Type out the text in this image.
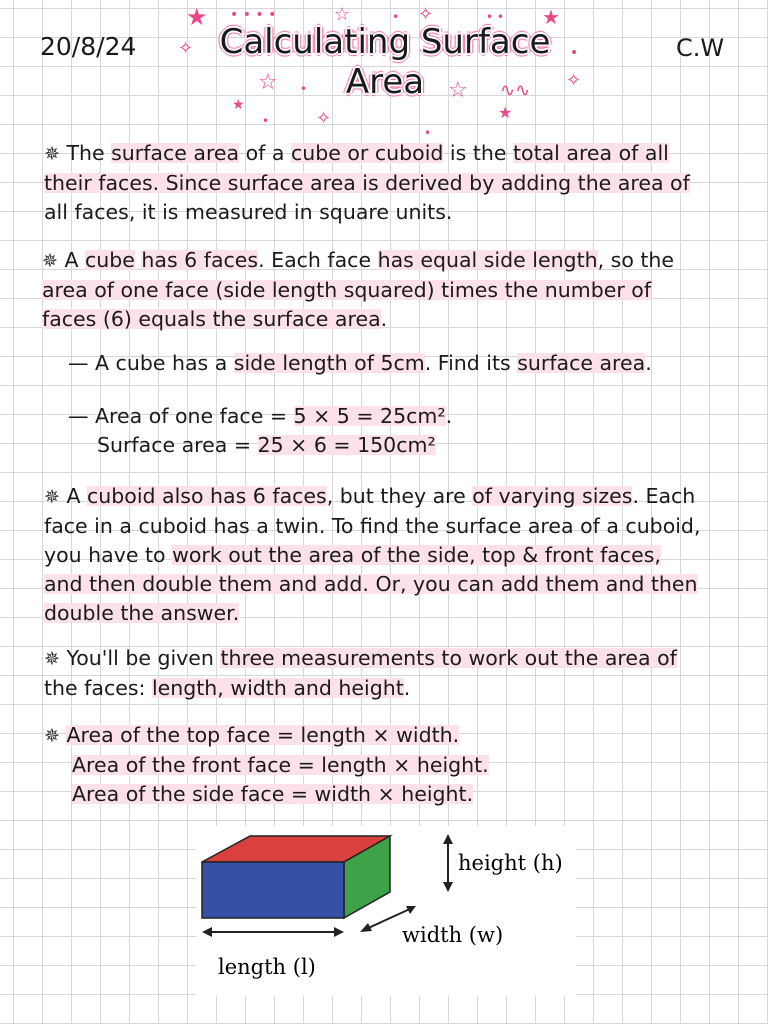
20/8/24	Calculating Surface
Area
C.W
★ • • • •	☆	• ✧	• • ★
✧	•
☆
★
•
✧
☆ ∿∿ ✧
★
•
•
✵ The surface area of a cube or cuboid is the total area of all
their faces. Since surface area is derived by adding the area of
all faces, it is measured in square units.
✵ A cube has 6 faces. Each face has equal side length, so the
area of one face (side length squared) times the number of
faces (6) equals the surface area.
— A cube has a side length of 5cm. Find its surface area.
— Area of one face = 5 × 5 = 25cm².
Surface area = 25 × 6 = 150cm²
✵ A cuboid also has 6 faces, but they are of varying sizes. Each
face in a cuboid has a twin. To find the surface area of a cuboid,
you have to work out the area of the side, top & front faces,
and then double them and add. Or, you can add them and then
double the answer.
✵ You'll be given three measurements to work out the area of
the faces: length, width and height.
✵ Area of the top face = length × width.
Area of the front face = length × height.
Area of the side face = width × height.
height (h)
width (w)
length (l)
